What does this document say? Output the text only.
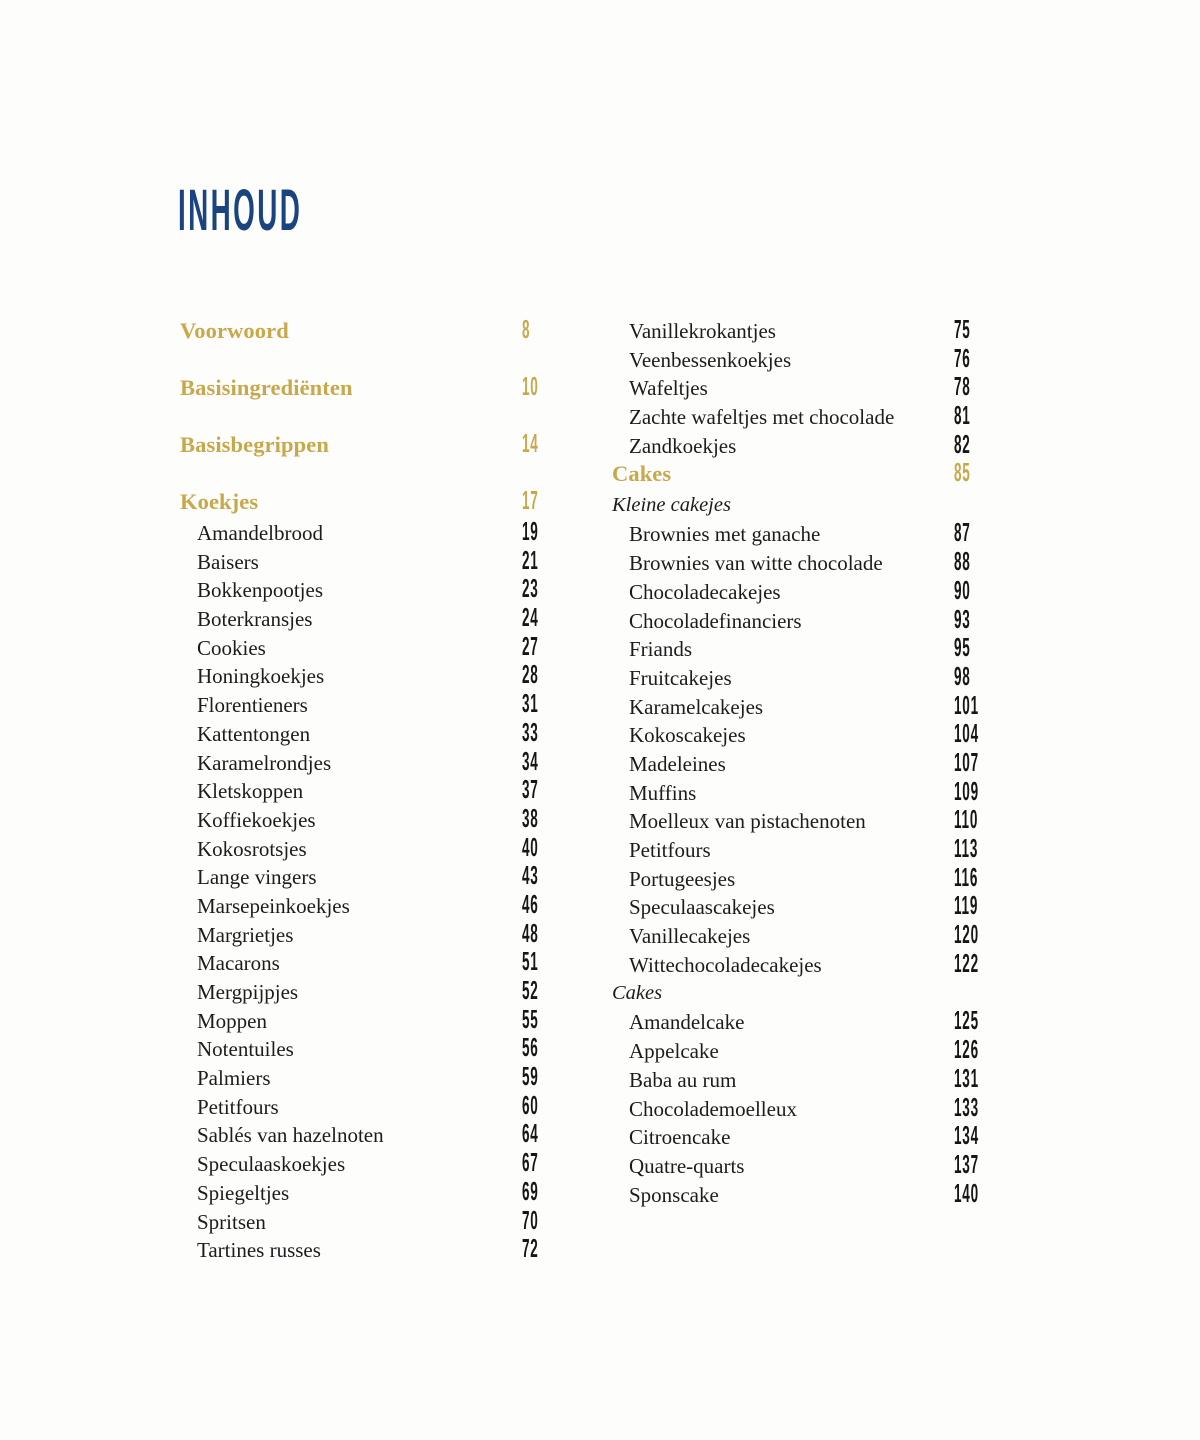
INHOUD
Voorwoord	8
Basisingrediënten	10
Basisbegrippen	14
Koekjes	17
Amandelbrood	19
Baisers	21
Bokkenpootjes	23
Boterkransjes	24
Cookies	27
Honingkoekjes	28
Florentieners	31
Kattentongen	33
Karamelrondjes	34
Kletskoppen	37
Koffiekoekjes	38
Kokosrotsjes	40
Lange vingers	43
Marsepeinkoekjes	46
Margrietjes	48
Macarons	51
Mergpijpjes	52
Moppen	55
Notentuiles	56
Palmiers	59
Petitfours	60
Sablés van hazelnoten	64
Speculaaskoekjes	67
Spiegeltjes	69
Spritsen	70
Tartines russes	72
Vanillekrokantjes	75
Veenbessenkoekjes	76
Wafeltjes	78
Zachte wafeltjes met chocolade 81
Zandkoekjes	82
Cakes	85
Kleine cakejes
Brownies met ganache	87
Brownies van witte chocolade	88
Chocoladecakejes	90
Chocoladefinanciers	93
Friands	95
Fruitcakejes	98
Karamelcakejes	101
Kokoscakejes	104
Madeleines	107
Muffins	109
Moelleux van pistachenoten	110
Petitfours	113
Portugeesjes	116
Speculaascakejes	119
Vanillecakejes	120
Wittechocoladecakejes	122
Cakes
Amandelcake	125
Appelcake	126
Baba au rum	131
Chocolademoelleux	133
Citroencake	134
Quatre-quarts	137
Sponscake	140
